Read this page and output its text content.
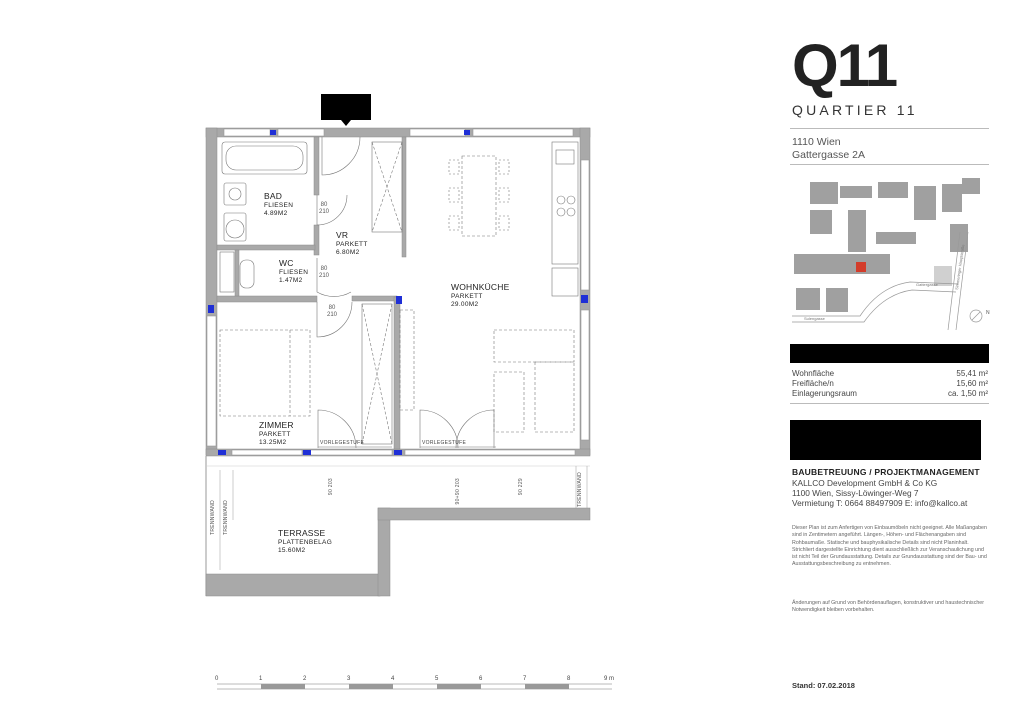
BAD
FLIESEN
4.89M2
VR
PARKETT
6.80M2
WC
FLIESEN
1.47M2
WOHNKÜCHE
PARKETT
29.00M2
ZIMMER
PARKETT
13.25M2
TERRASSE
PLATTENBELAG
15.60M2
80
210
80
210
80
210
90 203
90+90 203
90 229
VORLEGESTUFE	VORLEGESTUFE
TRENNWAND TRENNWAND
TRENNWAND
0	1	2	3	4	5	6	7	8	9 m
Q11
QUARTIER 11
1110 Wien
Gattergasse 2A
Gattergasse
Sulengasse
Simmeringer Hauptstraße
N
Wohnfläche	55,41 m²
Freifläche/n	15,60 m²
Einlagerungsraum	ca. 1,50 m²
BAUBETREUUNG / PROJEKTMANAGEMENT
KALLCO Development GmbH & Co KG
1100 Wien, Sissy-Löwinger-Weg 7
Vermietung T: 0664 88497909 E: info@kallco.at
Dieser Plan ist zum Anfertigen von Einbaumöbeln nicht geeignet. Alle Maßangaben sind in Zentimetern angeführt. Längen-, Höhen- und Flächenangaben sind Rohbaumaße. Statische und bauphysikalische Details sind nicht Planinhalt. Strichliert dargestellte Einrichtung dient ausschließlich zur Veranschaulichung und ist nicht Teil der Grundausstattung. Details zur Grundausstattung sind der Bau- und Ausstattungsbeschreibung zu entnehmen.
Änderungen auf Grund von Behördenauflagen, konstruktiver und haustechnischer Notwendigkeit bleiben vorbehalten.
Stand: 07.02.2018
